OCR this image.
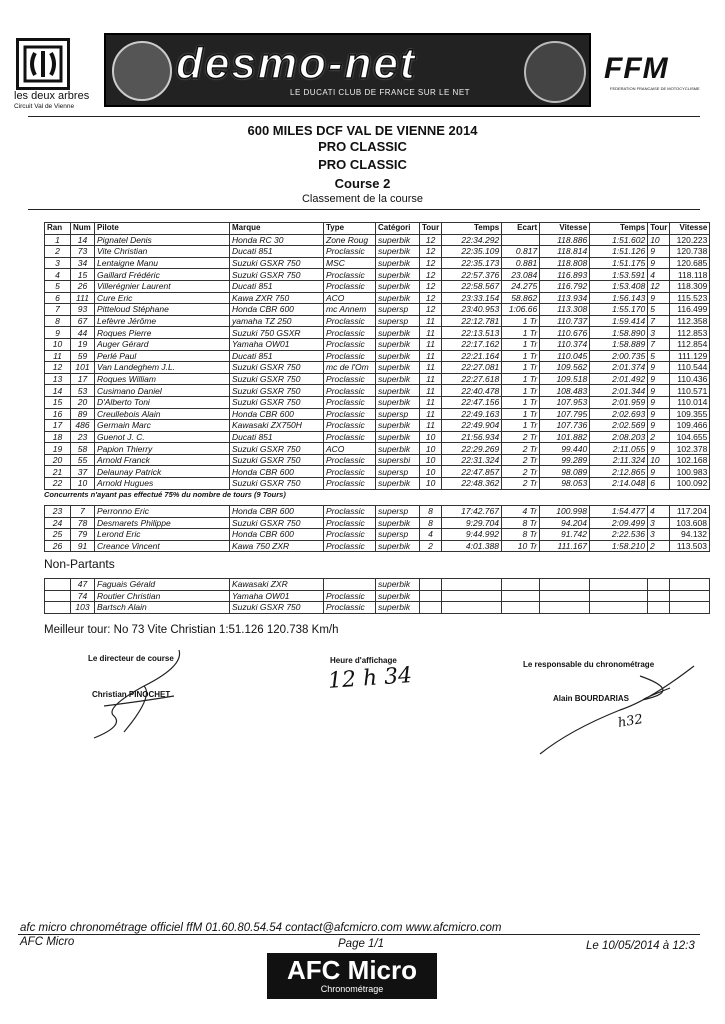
les deux arbres
Circuit Val de Vienne
desmo-net
LE DUCATI CLUB DE FRANCE SUR LE NET
FFM
FEDERATION FRANCAISE DE MOTOCYCLISME
600 MILES DCF VAL DE VIENNE 2014
PRO CLASSIC
PRO CLASSIC
Course 2
Classement de la course
Ran	Num	Pilote	Marque	Type	Catégori	Tour	Temps	Ecart	Vitesse	Temps	Tour	Vitesse
1	14	Pignatel Denis	Honda RC 30	Zone Roug	superbik	12	22:34.292		118.886	1:51.602	10	120.223
2	73	Vite Christian	Ducati 851	Proclassic	superbik	12	22:35.109	0.817	118.814	1:51.126	9	120.738
3	34	Lentaigne Manu	Suzuki GSXR 750	MSC	superbik	12	22:35.173	0.881	118.808	1:51.175	9	120.685
4	15	Gaillard Frédéric	Suzuki GSXR 750	Proclassic	superbik	12	22:57.376	23.084	116.893	1:53.591	4	118.118
5	26	Villerégnier Laurent	Ducati 851	Proclassic	superbik	12	22:58.567	24.275	116.792	1:53.408	12	118.309
6	111	Cure Eric	Kawa ZXR 750	ACO	superbik	12	23:33.154	58.862	113.934	1:56.143	9	115.523
7	93	Pitteloud Stéphane	Honda CBR 600	mc Annem	supersp	12	23:40.953	1:06.66	113.308	1:55.170	5	116.499
8	67	Lefèvre Jérôme	yamaha TZ 250	Proclassic	supersp	11	22:12.781	1 Tr	110.737	1:59.414	7	112.358
9	44	Roques Pierre	Suzuki 750 GSXR	Proclassic	superbik	11	22:13.513	1 Tr	110.676	1:58.890	3	112.853
10	19	Auger Gérard	Yamaha OW01	Proclassic	superbik	11	22:17.162	1 Tr	110.374	1:58.889	7	112.854
11	59	Perlé Paul	Ducati 851	Proclassic	superbik	11	22:21.164	1 Tr	110.045	2:00.735	5	111.129
12	101	Van Landeghem J.L.	Suzuki GSXR 750	mc de l'Om	superbik	11	22:27.081	1 Tr	109.562	2:01.374	9	110.544
13	17	Roques William	Suzuki GSXR 750	Proclassic	superbik	11	22:27.618	1 Tr	109.518	2:01.492	9	110.436
14	53	Cusimano Daniel	Suzuki GSXR 750	Proclassic	superbik	11	22:40.478	1 Tr	108.483	2:01.344	9	110.571
15	20	D'Alberto Toni	Suzuki GSXR 750	Proclassic	superbik	11	22:47.156	1 Tr	107.953	2:01.959	9	110.014
16	89	Creullebois Alain	Honda CBR 600	Proclassic	supersp	11	22:49.163	1 Tr	107.795	2:02.693	9	109.355
17	486	Germain Marc	Kawasaki ZX750H	Proclassic	superbik	11	22:49.904	1 Tr	107.736	2:02.569	9	109.466
18	23	Guenot J. C.	Ducati 851	Proclassic	superbik	10	21:56.934	2 Tr	101.882	2:08.203	2	104.655
19	58	Papion Thierry	Suzuki GSXR 750	ACO	superbik	10	22:29.269	2 Tr	99.440	2:11.055	9	102.378
20	55	Arnold Franck	Suzuki GSXR 750	Proclassic	supersbi	10	22:31.324	2 Tr	99.289	2:11.324	10	102.168
21	37	Delaunay Patrick	Honda CBR 600	Proclassic	supersp	10	22:47.857	2 Tr	98.089	2:12.865	9	100.983
22	10	Arnold Hugues	Suzuki GSXR 750	Proclassic	superbik	10	22:48.362	2 Tr	98.053	2:14.048	6	100.092
Concurrents n'ayant pas effectué 75% du nombre de tours (9 Tours)
23	7	Perronno Eric	Honda CBR 600	Proclassic	supersp	8	17:42.767	4 Tr	100.998	1:54.477	4	117.204
24	78	Desmarets Philippe	Suzuki GSXR 750	Proclassic	superbik	8	9:29.704	8 Tr	94.204	2:09.499	3	103.608
25	79	Lerond Eric	Honda CBR 600	Proclassic	supersp	4	9:44.992	8 Tr	91.742	2:22.536	3	94.132
26	91	Creance Vincent	Kawa 750 ZXR	Proclassic	superbik	2	4:01.388	10 Tr	111.167	1:58.210	2	113.503
Non-Partants
	47	Faguais Gérald	Kawasaki ZXR		superbik							
	74	Routier Christian	Yamaha OW01	Proclassic	superbik							
	103	Bartsch Alain	Suzuki GSXR 750	Proclassic	superbik							
Meilleur tour: No 73 Vite Christian 1:51.126 120.738 Km/h
Le directeur de course
Christian PINOCHET
Heure d'affichage
12 h 34	Le responsable du chronométrage
Alain BOURDARIAS
h32
afc micro chronométrage officiel ffM 01.60.80.54.54 contact@afcmicro.com www.afcmicro.com
AFC Micro	Page 1/1	Le 10/05/2014 à 12:3
AFC Micro
Chronométrage
